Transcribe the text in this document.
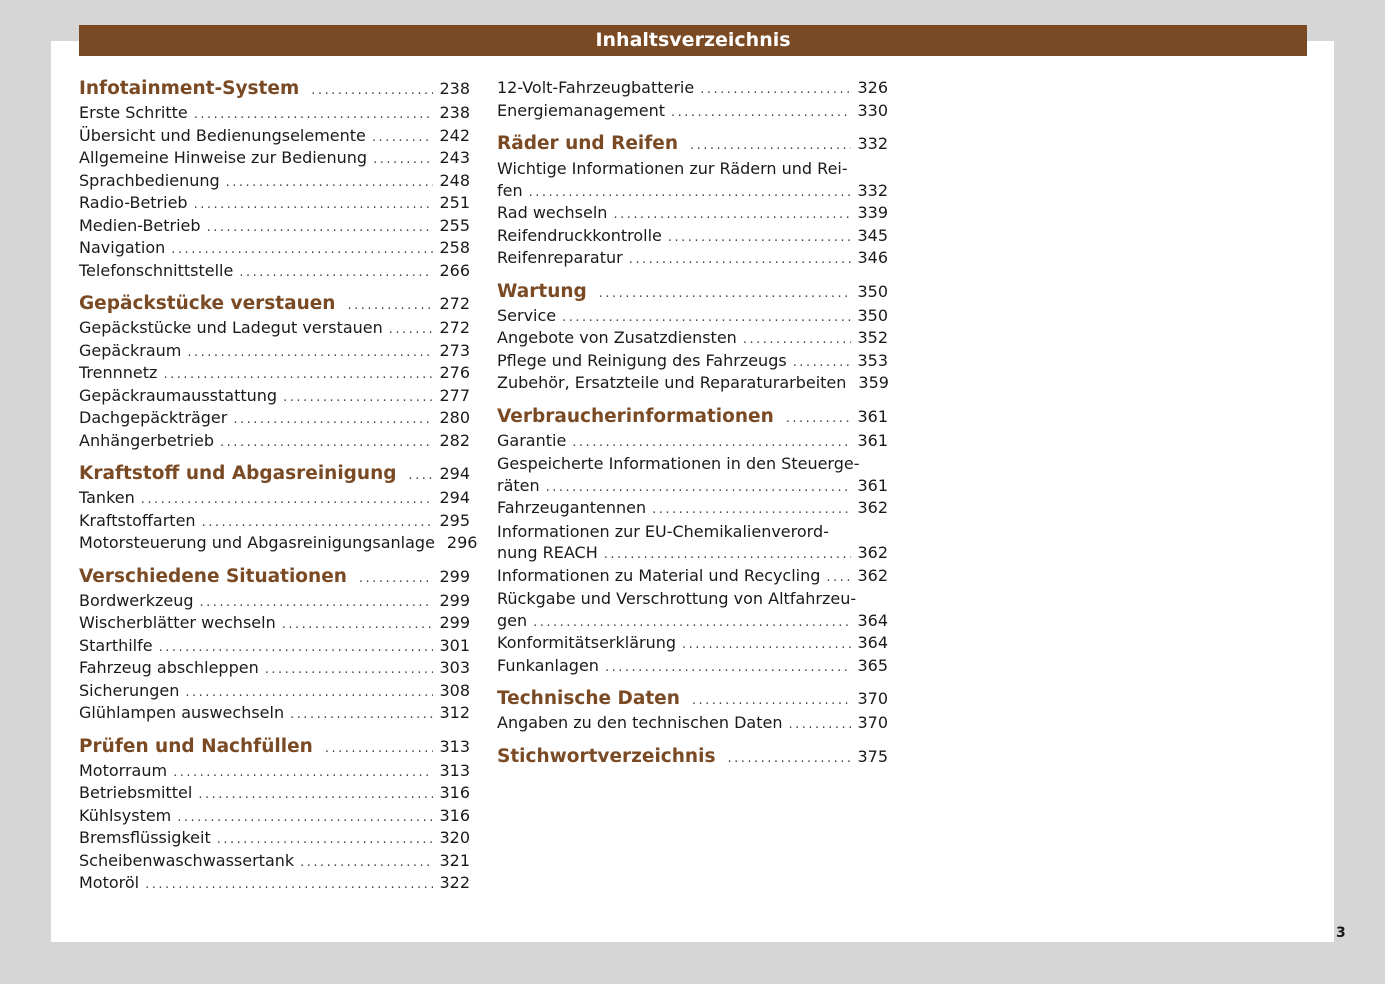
Inhaltsverzeichnis
Infotainment-System .....	238
Erste Schritte .....	238
Übersicht und Bedienungselemente .....	242
Allgemeine Hinweise zur Bedienung .....	243
Sprachbedienung .....	248
Radio-Betrieb .....	251
Medien-Betrieb .....	255
Navigation .....	258
Telefonschnittstelle .....	266
Gepäckstücke verstauen .....	272
Gepäckstücke und Ladegut verstauen .....	272
Gepäckraum .....	273
Trennnetz .....	276
Gepäckraumausstattung .....	277
Dachgepäckträger .....	280
Anhängerbetrieb .....	282
Kraftstoff und Abgasreinigung .....	294
Tanken .....	294
Kraftstoffarten .....	295
Motorsteuerung und Abgasreinigungsanlage 296
Verschiedene Situationen .....	299
Bordwerkzeug .....	299
Wischerblätter wechseln .....	299
Starthilfe .....	301
Fahrzeug abschleppen .....	303
Sicherungen .....	308
Glühlampen auswechseln .....	312
Prüfen und Nachfüllen .....	313
Motorraum .....	313
Betriebsmittel .....	316
Kühlsystem .....	316
Bremsflüssigkeit .....	320
Scheibenwaschwassertank .....	321
Motoröl .....	322
12-Volt-Fahrzeugbatterie .....	326
Energiemanagement .....	330
Räder und Reifen .....	332
Wichtige Informationen zur Rädern und Rei-
fen .....	332
Rad wechseln .....	339
Reifendruckkontrolle .....	345
Reifenreparatur .....	346
Wartung .....	350
Service .....	350
Angebote von Zusatzdiensten .....	352
Pflege und Reinigung des Fahrzeugs .....	353
Zubehör, Ersatzteile und Reparaturarbeiten 359
Verbraucherinformationen .....	361
Garantie .....	361
Gespeicherte Informationen in den Steuerge-
räten .....	361
Fahrzeugantennen .....	362
Informationen zur EU-Chemikalienverord-
nung REACH .....	362
Informationen zu Material und Recycling ..... 362
Rückgabe und Verschrottung von Altfahrzeu-
gen .....	364
Konformitätserklärung .....	364
Funkanlagen .....	365
Technische Daten .....	370
Angaben zu den technischen Daten .....	370
Stichwortverzeichnis .....	375
3
